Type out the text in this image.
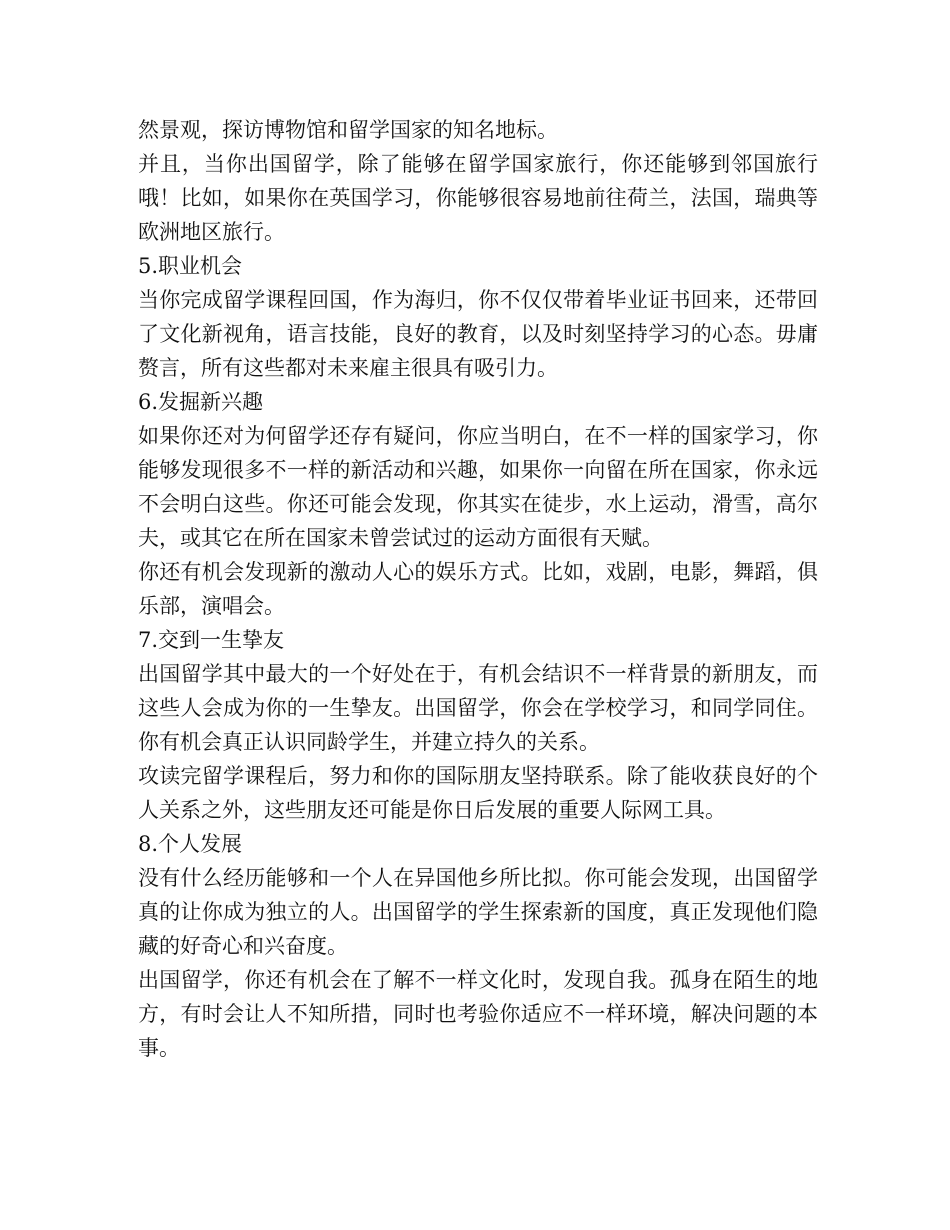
然景观，探访博物馆和留学国家的知名地标。

并且，当你出国留学，除了能够在留学国家旅行，你还能够到邻国旅行哦！比如，如果你在英国学习，你能够很容易地前往荷兰，法国，瑞典等欧洲地区旅行。

5.职业机会

当你完成留学课程回国，作为海归，你不仅仅带着毕业证书回来，还带回了文化新视角，语言技能，良好的教育，以及时刻坚持学习的心态。毋庸赘言，所有这些都对未来雇主很具有吸引力。

6.发掘新兴趣

如果你还对为何留学还存有疑问，你应当明白，在不一样的国家学习，你能够发现很多不一样的新活动和兴趣，如果你一向留在所在国家，你永远不会明白这些。你还可能会发现，你其实在徒步，水上运动，滑雪，高尔夫，或其它在所在国家未曾尝试过的运动方面很有天赋。

你还有机会发现新的激动人心的娱乐方式。比如，戏剧，电影，舞蹈，俱乐部，演唱会。

7.交到一生挚友

出国留学其中最大的一个好处在于，有机会结识不一样背景的新朋友，而这些人会成为你的一生挚友。出国留学，你会在学校学习，和同学同住。你有机会真正认识同龄学生，并建立持久的关系。

攻读完留学课程后，努力和你的国际朋友坚持联系。除了能收获良好的个人关系之外，这些朋友还可能是你日后发展的重要人际网工具。

8.个人发展

没有什么经历能够和一个人在异国他乡所比拟。你可能会发现，出国留学真的让你成为独立的人。出国留学的学生探索新的国度，真正发现他们隐藏的好奇心和兴奋度。

出国留学，你还有机会在了解不一样文化时，发现自我。孤身在陌生的地方，有时会让人不知所措，同时也考验你适应不一样环境，解决问题的本事。
